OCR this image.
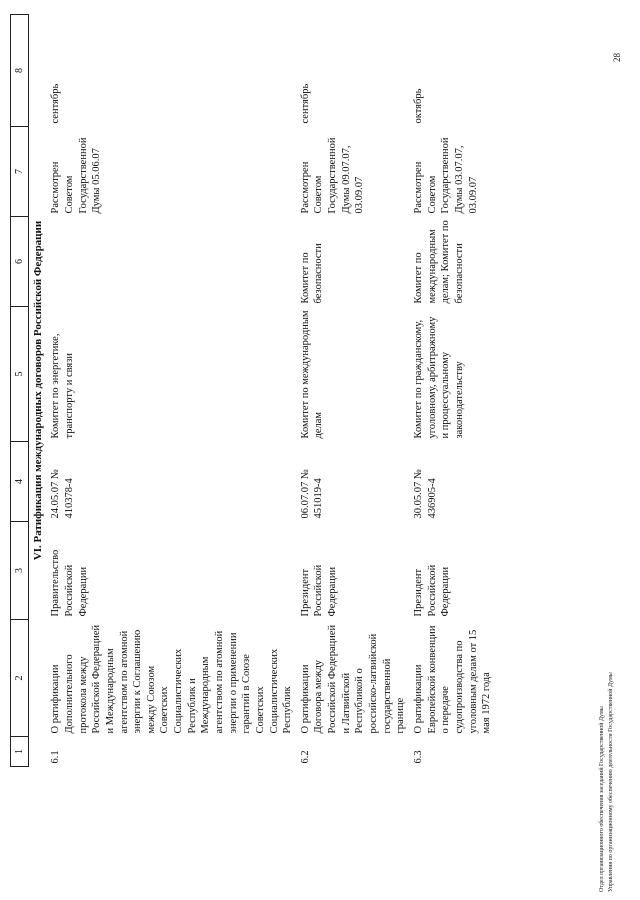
1	2	3	4	5	6	7	8
VI. Ратификация международных договоров Российской Федерации							
6.1	О ратификации Дополнительного протокола между Российской Федерацией и Международным агентством по атомной энергии к Соглашению между Союзом Советских Социалистических Республик и Международным агентством по атомной энергии о применении гарантий в Союзе Советских Социалистических Республик	Правительство Российской Федерации	24.05.07 № 410378-4	Комитет по энергетике, транспорту и связи		Рассмотрен Советом Государственной Думы 05.06.07	сентябрь
6.2	О ратификации Договора между Российской Федерацией и Латвийской Республикой о российско-латвийской государственной границе	Президент Российской Федерации	06.07.07 № 451019-4	Комитет по международным делам	Комитет по безопасности	Рассмотрен Советом Государственной Думы 09.07.07, 03.09.07	сентябрь
6.3	О ратификации Европейской конвенции о передаче судопроизводства по уголовным делам от 15 мая 1972 года	Президент Российской Федерации	30.05.07 № 436905-4	Комитет по гражданскому, уголовному, арбитражному и процессуальному законодательству	Комитет по международным делам; Комитет по безопасности	Рассмотрен Советом Государственной Думы 03.07.07, 03.09.07	октябрь
Отдел организационного обеспечения заседаний Государственной Думы Управления по организационному обеспечению деятельности Государственной Думы
28
